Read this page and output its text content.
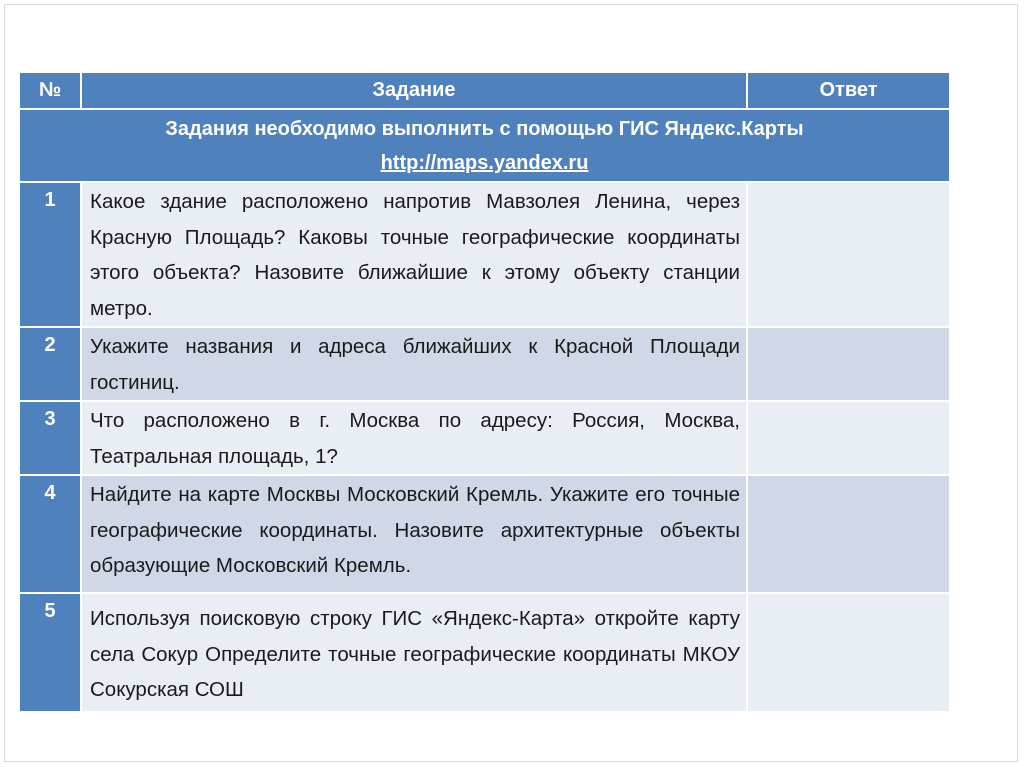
№	Задание	Ответ

Задания необходимо выполнить с помощью ГИС Яндекс.Карты
http://maps.yandex.ru		

1	Какое здание расположено напротив Мавзолея Ленина, через Красную Площадь? Каковы точные географические координаты этого объекта? Назовите ближайшие к этому объекту станции метро.	
2	Укажите названия и адреса ближайших к Красной Площади гостиниц.	
3	Что расположено в г. Москва по адресу: Россия, Москва, Театральная площадь, 1?	
4	Найдите на карте Москвы Московский Кремль. Укажите его точные географические координаты. Назовите архитектурные объекты образующие Московский Кремль.	
5	Используя поисковую строку ГИС «Яндекс-Карта» откройте карту села Сокур Определите точные географические координаты МКОУ Сокурская СОШ	
